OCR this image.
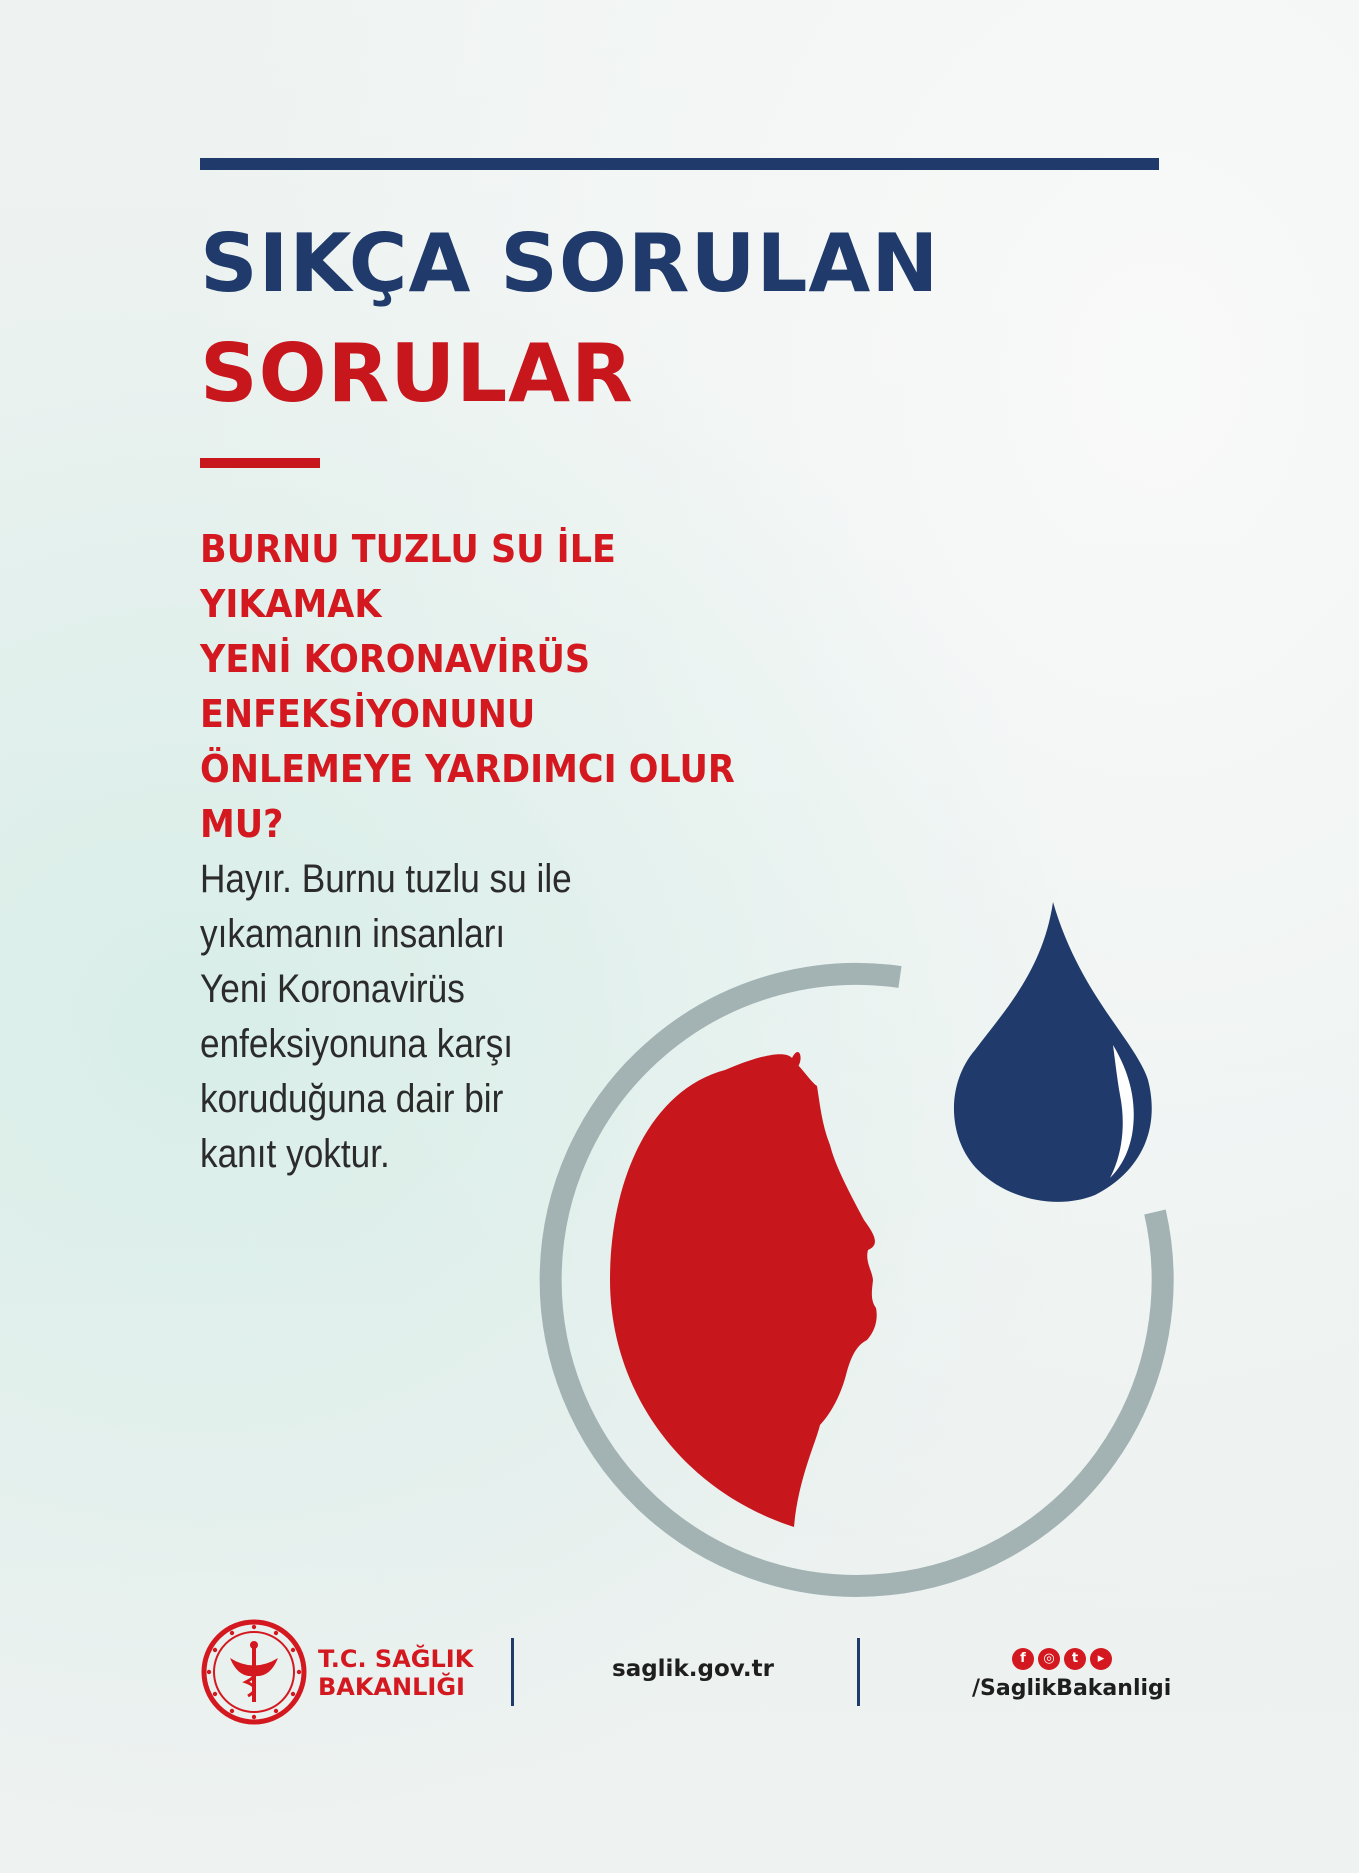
SIKÇA SORULAN
SORULAR
BURNU TUZLU SU İLE
YIKAMAK
YENİ KORONAVİRÜS
ENFEKSİYONUNU
ÖNLEMEYE YARDIMCI OLUR
MU?
Hayır. Burnu tuzlu su ile
yıkamanın insanları
Yeni Koronavirüs
enfeksiyonuna karşı
koruduğuna dair bir
kanıt yoktur.
T.C. SAĞLIK
BAKANLIĞI
saglik.gov.tr	f	◎	t	▸
/SaglikBakanligi
